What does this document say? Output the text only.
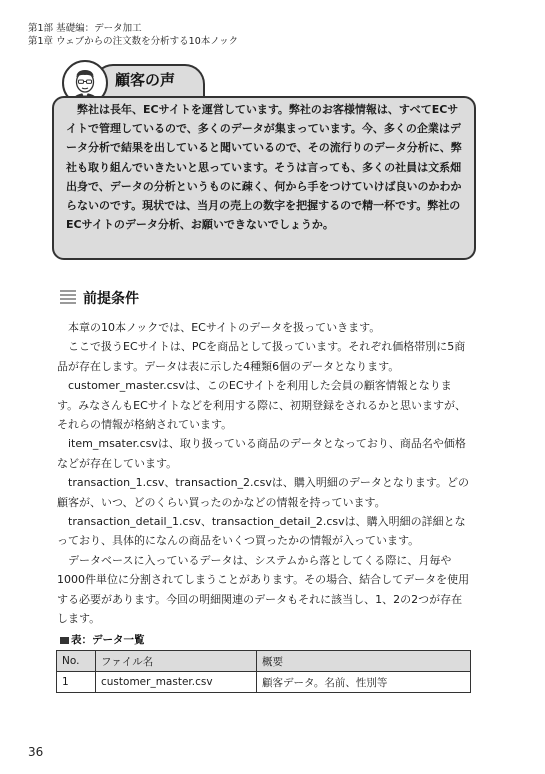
第1部 基礎編：データ加工
第1章 ウェブからの注文数を分析する10本ノック
顧客の声

　弊社は長年、ECサイトを運営しています。弊社のお客様情報は、すべてECサイトで管理しているので、多くのデータが集まっています。今、多くの企業はデータ分析で結果を出していると聞いているので、その流行りのデータ分析に、弊社も取り組んでいきたいと思っています。そうは言っても、多くの社員は文系畑出身で、データの分析というものに疎く、何から手をつけていけば良いのかわからないのです。現状では、当月の売上の数字を把握するので精一杯です。弊社のECサイトのデータ分析、お願いできないでしょうか。

前提条件

　本章の10本ノックでは、ECサイトのデータを扱っていきます。

　ここで扱うECサイトは、PCを商品として扱っています。それぞれ価格帯別に5商品が存在します。データは表に示した4種類6個のデータとなります。

　customer_master.csvは、このECサイトを利用した会員の顧客情報となります。みなさんもECサイトなどを利用する際に、初期登録をされるかと思いますが、それらの情報が格納されています。

　item_msater.csvは、取り扱っている商品のデータとなっており、商品名や価格などが存在しています。

　transaction_1.csv、transaction_2.csvは、購入明細のデータとなります。どの顧客が、いつ、どのくらい買ったのかなどの情報を持っています。

　transaction_detail_1.csv、transaction_detail_2.csvは、購入明細の詳細となっており、具体的になんの商品をいくつ買ったかの情報が入っています。

　データベースに入っているデータは、システムから落としてくる際に、月毎や1000件単位に分割されてしまうことがあります。その場合、結合してデータを使用する必要があります。今回の明細関連のデータもそれに該当し、1、2の2つが存在します。

表：データ一覧
No.	ファイル名	概要
1	customer_master.csv	顧客データ。名前、性別等
36
